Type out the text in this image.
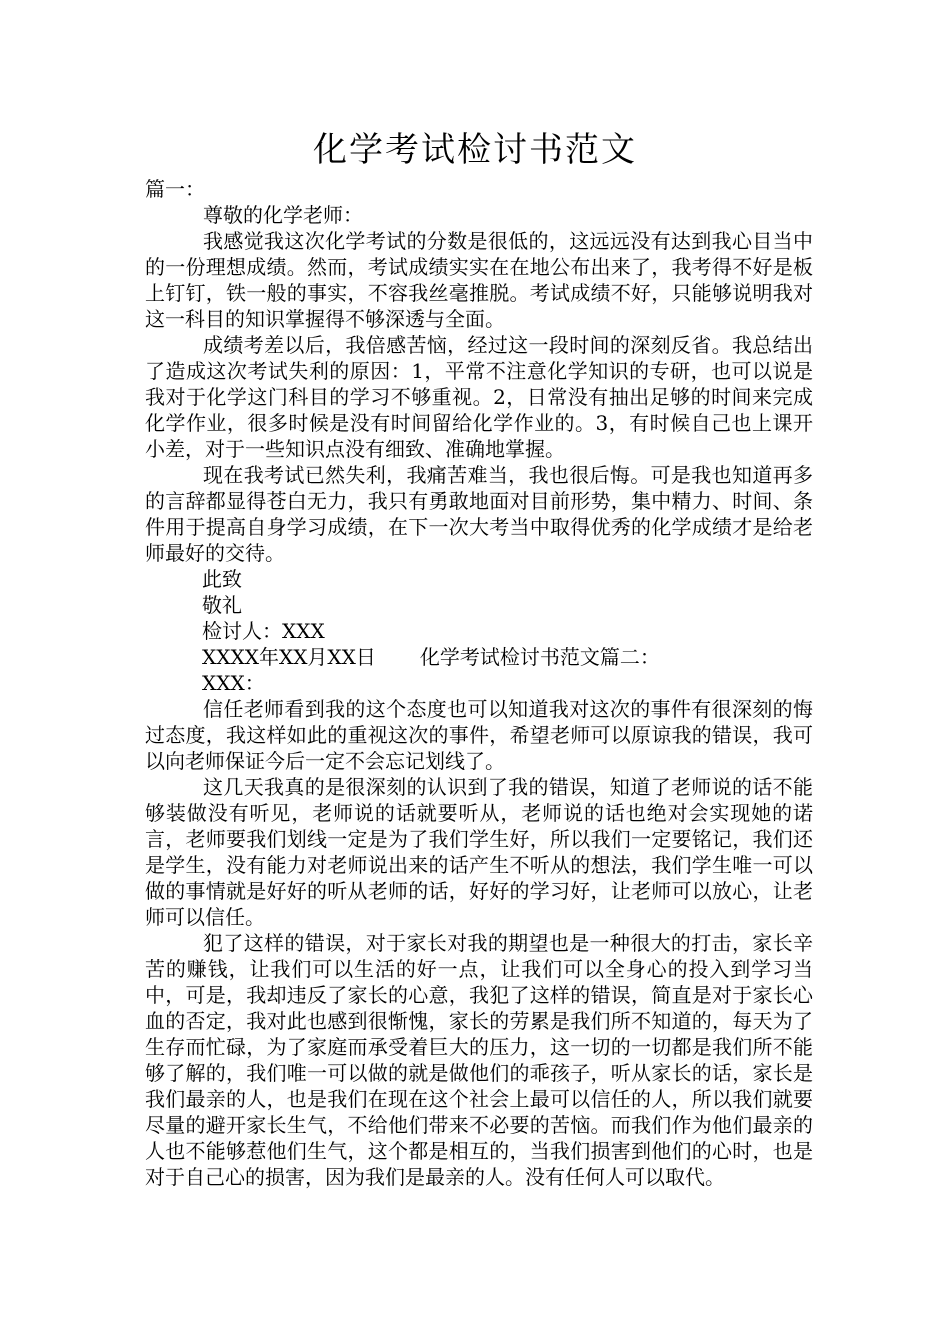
化学考试检讨书范文

篇一：

尊敬的化学老师：

我感觉我这次化学考试的分数是很低的，这远远没有达到我心目当中的一份理想成绩。然而，考试成绩实实在在地公布出来了，我考得不好是板上钉钉，铁一般的事实，不容我丝毫推脱。考试成绩不好，只能够说明我对这一科目的知识掌握得不够深透与全面。

成绩考差以后，我倍感苦恼，经过这一段时间的深刻反省。我总结出了造成这次考试失利的原因：1，平常不注意化学知识的专研，也可以说是我对于化学这门科目的学习不够重视。2，日常没有抽出足够的时间来完成化学作业，很多时候是没有时间留给化学作业的。3，有时候自己也上课开小差，对于一些知识点没有细致、准确地掌握。

现在我考试已然失利，我痛苦难当，我也很后悔。可是我也知道再多的言辞都显得苍白无力，我只有勇敢地面对目前形势，集中精力、时间、条件用于提高自身学习成绩，在下一次大考当中取得优秀的化学成绩才是给老师最好的交待。

此致

敬礼

检讨人：XXX

XXXX年XX月XX日 化学考试检讨书范文篇二：

XXX：

信任老师看到我的这个态度也可以知道我对这次的事件有很深刻的悔过态度，我这样如此的重视这次的事件，希望老师可以原谅我的错误，我可以向老师保证今后一定不会忘记划线了。

这几天我真的是很深刻的认识到了我的错误，知道了老师说的话不能够装做没有听见，老师说的话就要听从，老师说的话也绝对会实现她的诺言，老师要我们划线一定是为了我们学生好，所以我们一定要铭记，我们还是学生，没有能力对老师说出来的话产生不听从的想法，我们学生唯一可以做的事情就是好好的听从老师的话，好好的学习好，让老师可以放心，让老师可以信任。

犯了这样的错误，对于家长对我的期望也是一种很大的打击，家长辛苦的赚钱，让我们可以生活的好一点，让我们可以全身心的投入到学习当中，可是，我却违反了家长的心意，我犯了这样的错误，简直是对于家长心血的否定，我对此也感到很惭愧，家长的劳累是我们所不知道的，每天为了生存而忙碌，为了家庭而承受着巨大的压力，这一切的一切都是我们所不能够了解的，我们唯一可以做的就是做他们的乖孩子，听从家长的话，家长是我们最亲的人，也是我们在现在这个社会上最可以信任的人，所以我们就要尽量的避开家长生气，不给他们带来不必要的苦恼。而我们作为他们最亲的人也不能够惹他们生气，这个都是相互的，当我们损害到他们的心时，也是对于自己心的损害，因为我们是最亲的人。没有任何人可以取代。
